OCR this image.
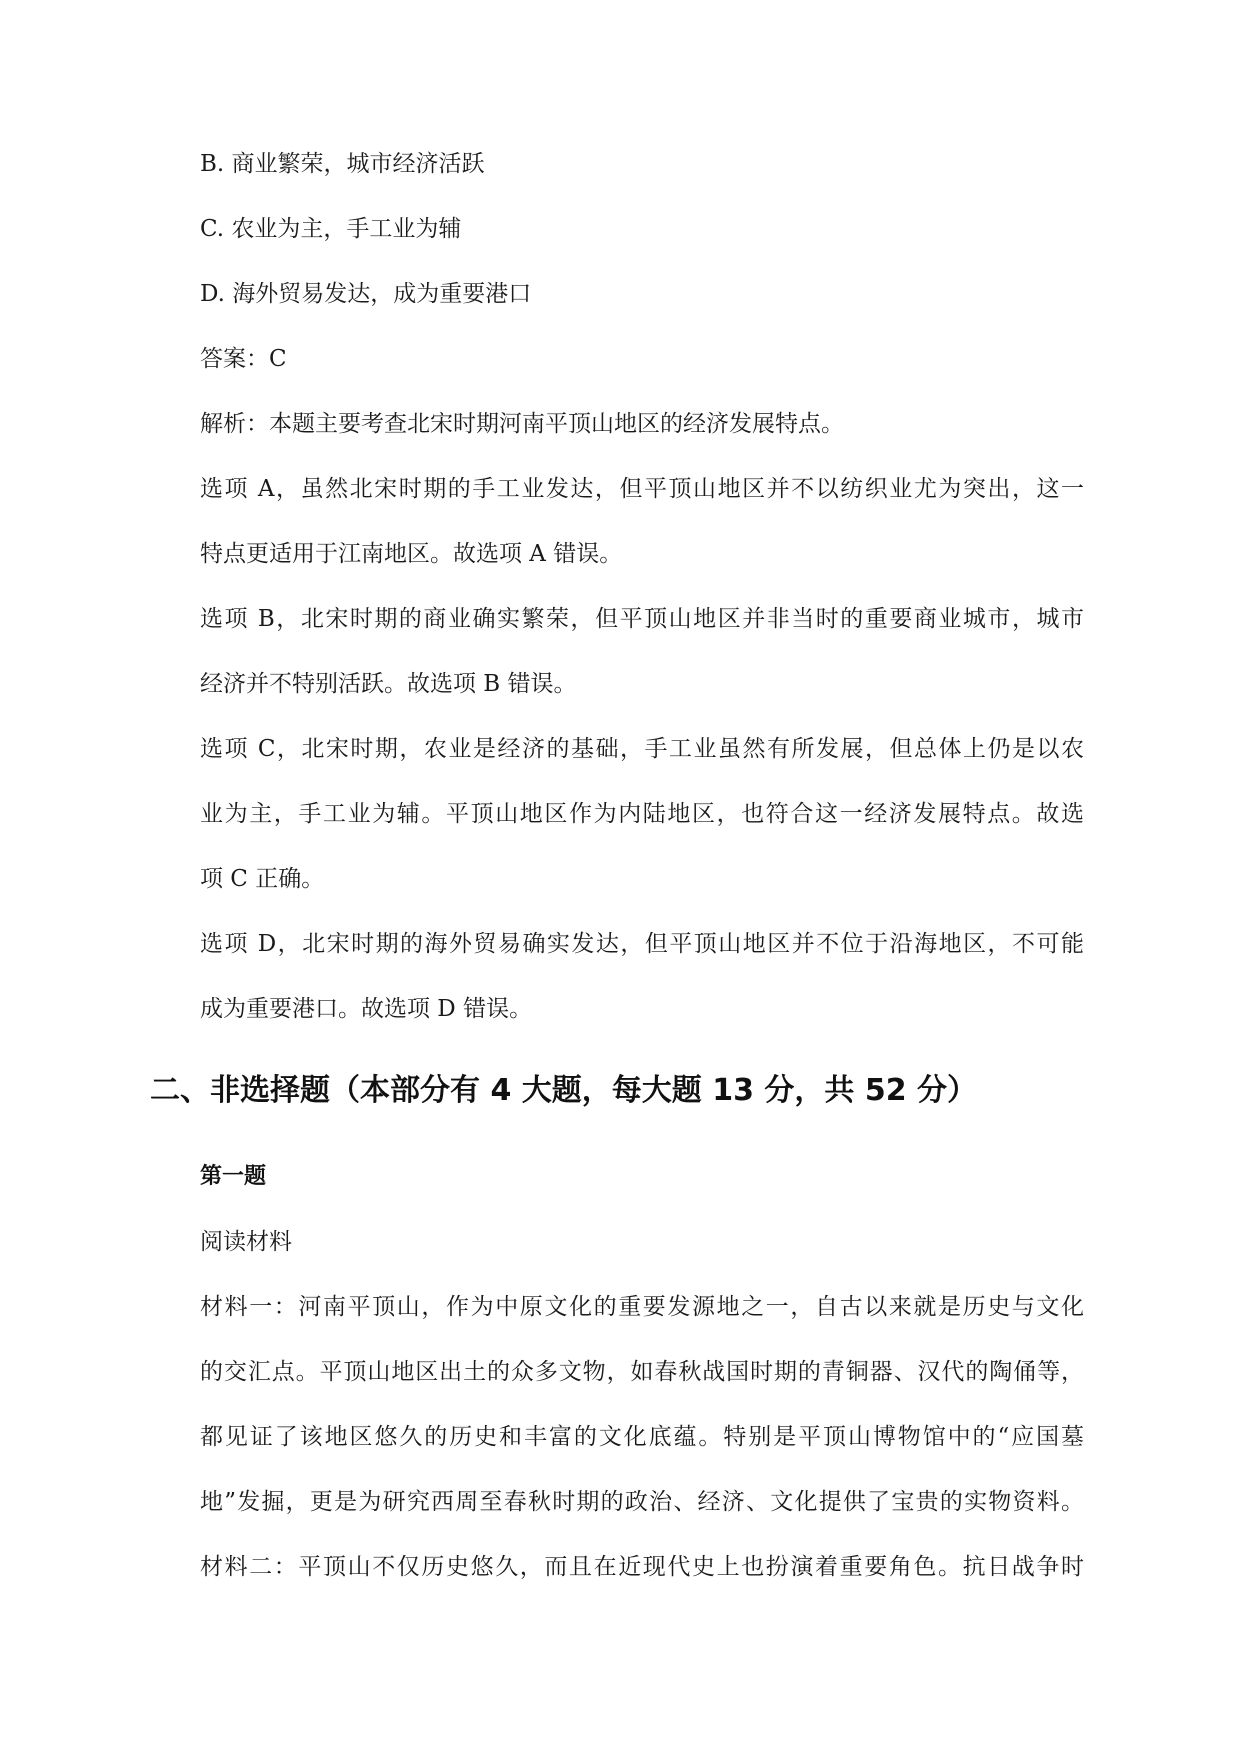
B. 商业繁荣，城市经济活跃
C. 农业为主，手工业为辅
D. 海外贸易发达，成为重要港口
答案：C
解析：本题主要考查北宋时期河南平顶山地区的经济发展特点。
选项 A，虽然北宋时期的手工业发达，但平顶山地区并不以纺织业尤为突出，这一
特点更适用于江南地区。故选项 A 错误。
选项 B，北宋时期的商业确实繁荣，但平顶山地区并非当时的重要商业城市，城市
经济并不特别活跃。故选项 B 错误。
选项 C，北宋时期，农业是经济的基础，手工业虽然有所发展，但总体上仍是以农
业为主，手工业为辅。平顶山地区作为内陆地区，也符合这一经济发展特点。故选
项 C 正确。
选项 D，北宋时期的海外贸易确实发达，但平顶山地区并不位于沿海地区，不可能
成为重要港口。故选项 D 错误。
二、非选择题（本部分有 4 大题，每大题 13 分，共 52 分）
第一题
阅读材料
材料一：河南平顶山，作为中原文化的重要发源地之一，自古以来就是历史与文化
的交汇点。平顶山地区出土的众多文物，如春秋战国时期的青铜器、汉代的陶俑等，
都见证了该地区悠久的历史和丰富的文化底蕴。特别是平顶山博物馆中的“应国墓
地”发掘，更是为研究西周至春秋时期的政治、经济、文化提供了宝贵的实物资料。
材料二：平顶山不仅历史悠久，而且在近现代史上也扮演着重要角色。抗日战争时
